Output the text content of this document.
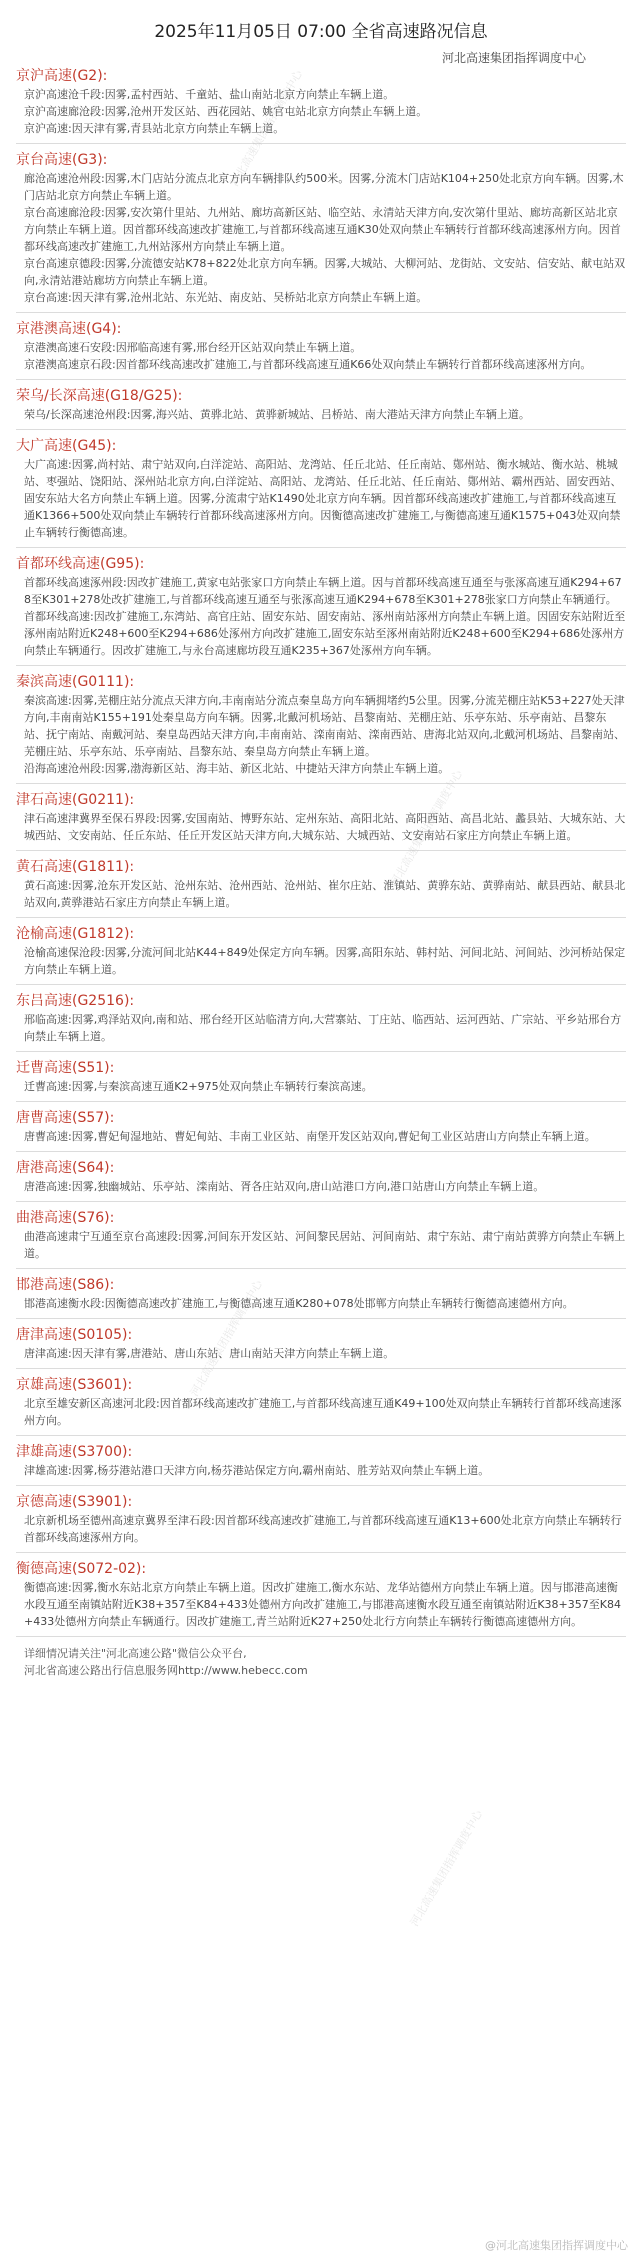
河北高速集团指挥调度中心
河北高速集团指挥调度中心
河北高速集团指挥调度中心
河北高速集团指挥调度中心
2025年11月05日 07:00 全省高速路况信息
河北高速集团指挥调度中心

京沪高速(G2):

京沪高速沧千段:因雾,孟村西站、千童站、盐山南站北京方向禁止车辆上道。

京沪高速廊沧段:因雾,沧州开发区站、西花园站、姚官屯站北京方向禁止车辆上道。

京沪高速:因天津有雾,青县站北京方向禁止车辆上道。

京台高速(G3):

廊沧高速沧州段:因雾,木门店站分流点北京方向车辆排队约500米。因雾,分流木门店站K104+250处北京方向车辆。因雾,木门店站北京方向禁止车辆上道。

京台高速廊沧段:因雾,安次第什里站、九州站、廊坊高新区站、临空站、永清站天津方向,安次第什里站、廊坊高新区站北京方向禁止车辆上道。因首都环线高速改扩建施工,与首都环线高速互通K30处双向禁止车辆转行首都环线高速涿州方向。因首都环线高速改扩建施工,九州站涿州方向禁止车辆上道。

京台高速京德段:因雾,分流德安站K78+822处北京方向车辆。因雾,大城站、大柳河站、龙街站、文安站、信安站、献屯站双向,永清站港站廊坊方向禁止车辆上道。

京台高速:因天津有雾,沧州北站、东光站、南皮站、吴桥站北京方向禁止车辆上道。

京港澳高速(G4):

京港澳高速石安段:因邢临高速有雾,邢台经开区站双向禁止车辆上道。

京港澳高速京石段:因首都环线高速改扩建施工,与首都环线高速互通K66处双向禁止车辆转行首都环线高速涿州方向。

荣乌/长深高速(G18/G25):

荣乌/长深高速沧州段:因雾,海兴站、黄骅北站、黄骅新城站、吕桥站、南大港站天津方向禁止车辆上道。

大广高速(G45):

大广高速:因雾,尚村站、肃宁站双向,白洋淀站、高阳站、龙湾站、任丘北站、任丘南站、鄚州站、衡水城站、衡水站、桃城站、枣强站、饶阳站、深州站北京方向,白洋淀站、高阳站、龙湾站、任丘北站、任丘南站、鄚州站、霸州西站、固安西站、固安东站大名方向禁止车辆上道。因雾,分流肃宁站K1490处北京方向车辆。因首都环线高速改扩建施工,与首都环线高速互通K1366+500处双向禁止车辆转行首都环线高速涿州方向。因衡德高速改扩建施工,与衡德高速互通K1575+043处双向禁止车辆转行衡德高速。

首都环线高速(G95):

首都环线高速涿州段:因改扩建施工,黄家屯站张家口方向禁止车辆上道。因与首都环线高速互通至与张涿高速互通K294+678至K301+278处改扩建施工,与首都环线高速互通至与张涿高速互通K294+678至K301+278张家口方向禁止车辆通行。

首都环线高速:因改扩建施工,东湾站、高官庄站、固安东站、固安南站、涿州南站涿州方向禁止车辆上道。因固安东站附近至涿州南站附近K248+600至K294+686处涿州方向改扩建施工,固安东站至涿州南站附近K248+600至K294+686处涿州方向禁止车辆通行。因改扩建施工,与永台高速廊坊段互通K235+367处涿州方向车辆。

秦滨高速(G0111):

秦滨高速:因雾,芜棚庄站分流点天津方向,丰南南站分流点秦皇岛方向车辆拥堵约5公里。因雾,分流芜棚庄站K53+227处天津方向,丰南南站K155+191处秦皇岛方向车辆。因雾,北戴河机场站、昌黎南站、芜棚庄站、乐亭东站、乐亭南站、昌黎东站、抚宁南站、南戴河站、秦皇岛西站天津方向,丰南南站、滦南南站、滦南西站、唐海北站双向,北戴河机场站、昌黎南站、芜棚庄站、乐亭东站、乐亭南站、昌黎东站、秦皇岛方向禁止车辆上道。

沿海高速沧州段:因雾,渤海新区站、海丰站、新区北站、中捷站天津方向禁止车辆上道。

津石高速(G0211):

津石高速津冀界至保石界段:因雾,安国南站、博野东站、定州东站、高阳北站、高阳西站、高昌北站、蠡县站、大城东站、大城西站、文安南站、任丘东站、任丘开发区站天津方向,大城东站、大城西站、文安南站石家庄方向禁止车辆上道。

黄石高速(G1811):

黄石高速:因雾,沧东开发区站、沧州东站、沧州西站、沧州站、崔尔庄站、淮镇站、黄骅东站、黄骅南站、献县西站、献县北站双向,黄骅港站石家庄方向禁止车辆上道。

沧榆高速(G1812):

沧榆高速保沧段:因雾,分流河间北站K44+849处保定方向车辆。因雾,高阳东站、韩村站、河间北站、河间站、沙河桥站保定方向禁止车辆上道。

东吕高速(G2516):

邢临高速:因雾,鸡泽站双向,南和站、邢台经开区站临清方向,大营寨站、丁庄站、临西站、运河西站、广宗站、平乡站邢台方向禁止车辆上道。

迁曹高速(S51):

迁曹高速:因雾,与秦滨高速互通K2+975处双向禁止车辆转行秦滨高速。

唐曹高速(S57):

唐曹高速:因雾,曹妃甸湿地站、曹妃甸站、丰南工业区站、南堡开发区站双向,曹妃甸工业区站唐山方向禁止车辆上道。

唐港高速(S64):

唐港高速:因雾,独幽城站、乐亭站、滦南站、胥各庄站双向,唐山站港口方向,港口站唐山方向禁止车辆上道。

曲港高速(S76):

曲港高速肃宁互通至京台高速段:因雾,河间东开发区站、河间黎民居站、河间南站、肃宁东站、肃宁南站黄骅方向禁止车辆上道。

邯港高速(S86):

邯港高速衡水段:因衡德高速改扩建施工,与衡德高速互通K280+078处邯郸方向禁止车辆转行衡德高速德州方向。

唐津高速(S0105):

唐津高速:因天津有雾,唐港站、唐山东站、唐山南站天津方向禁止车辆上道。

京雄高速(S3601):

北京至雄安新区高速河北段:因首都环线高速改扩建施工,与首都环线高速互通K49+100处双向禁止车辆转行首都环线高速涿州方向。

津雄高速(S3700):

津雄高速:因雾,杨芬港站港口天津方向,杨芬港站保定方向,霸州南站、胜芳站双向禁止车辆上道。

京德高速(S3901):

北京新机场至德州高速京冀界至津石段:因首都环线高速改扩建施工,与首都环线高速互通K13+600处北京方向禁止车辆转行首都环线高速涿州方向。

衡德高速(S072-02):

衡德高速:因雾,衡水东站北京方向禁止车辆上道。因改扩建施工,衡水东站、龙华站德州方向禁止车辆上道。因与邯港高速衡水段互通至南镇站附近K38+357至K84+433处德州方向改扩建施工,与邯港高速衡水段互通至南镇站附近K38+357至K84+433处德州方向禁止车辆通行。因改扩建施工,青兰站附近K27+250处北行方向禁止车辆转行衡德高速德州方向。

详细情况请关注"河北高速公路"微信公众平台,

河北省高速公路出行信息服务网http://www.hebecc.com

@河北高速集团指挥调度中心
